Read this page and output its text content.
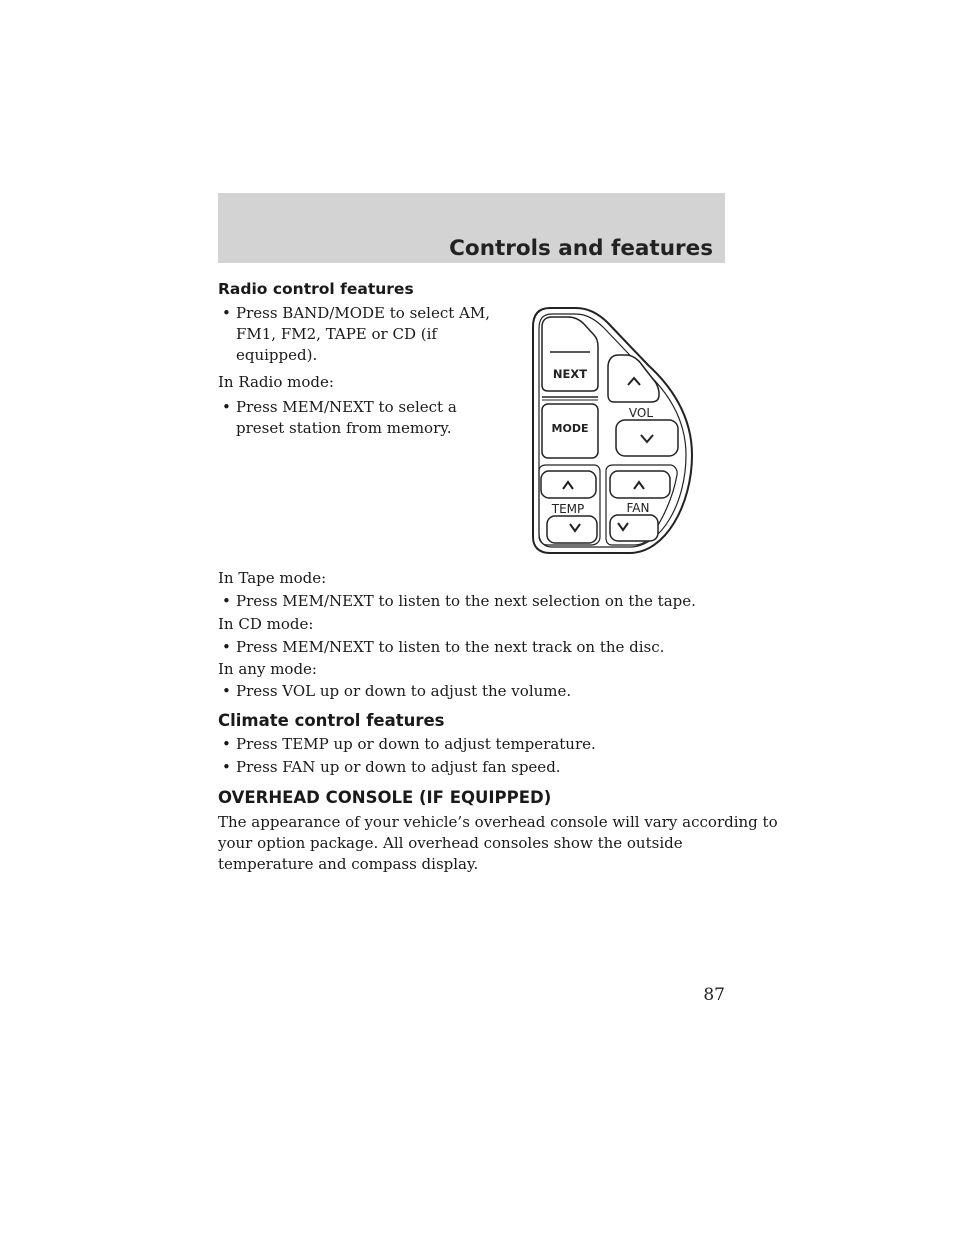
Controls and features
Radio control features
• Press BAND/MODE to select AM,
FM1, FM2, TAPE or CD (if
equipped).
In Radio mode:
• Press MEM/NEXT to select a
preset station from memory.
In Tape mode:
• Press MEM/NEXT to listen to the next selection on the tape.
In CD mode:
• Press MEM/NEXT to listen to the next track on the disc.
In any mode:
• Press VOL up or down to adjust the volume.
Climate control features
• Press TEMP up or down to adjust temperature.
• Press FAN up or down to adjust fan speed.
OVERHEAD CONSOLE (IF EQUIPPED)
The appearance of your vehicle’s overhead console will vary according to
your option package. All overhead consoles show the outside
temperature and compass display.
87
NEXT
MODE
VOL
TEMP	FAN
